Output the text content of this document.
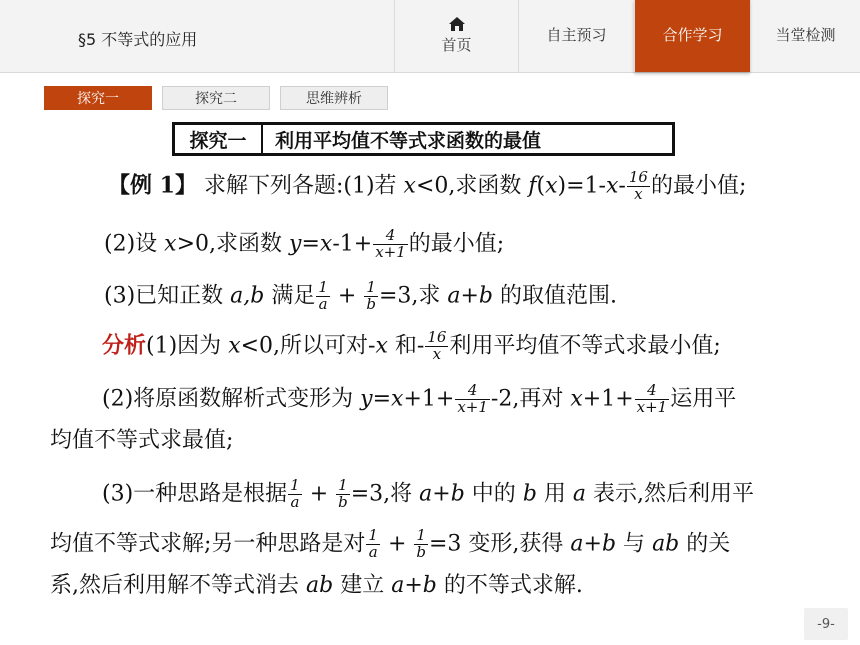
§5 不等式的应用	首页
自主预习	合作学习	当堂检测
探究一	探究二	思维辨析
探究一	利用平均值不等式求函数的最值
【例 1】 求解下列各题:(1)若 x<0,求函数 $f(x)=1-x- \frac{16}{x}$ 的最小值;
(2)设 x>0,求函数 $y=x-1+ \frac{4}{x+1}$ 的最小值;
(3)已知正数 a,b 满足 $\frac{1}{a} + \frac{1}{b} =3$,求 a+b 的取值范围.
分析(1)因为 x<0,所以可对-x 和- $\frac{16}{x}$ 利用平均值不等式求最小值;
(2)将原函数解析式变形为 $y=x+1+ \frac{4}{x+1} -2$,再对 $x+1+ \frac{4}{x+1}$ 运用平
均值不等式求最值;
(3)一种思路是根据 $\frac{1}{a} + \frac{1}{b} =3$,将 a+b 中的 b 用 a 表示,然后利用平
均值不等式求解;另一种思路是对 $\frac{1}{a} + \frac{1}{b} =3$ 变形,获得 a+b 与 ab 的关
系,然后利用解不等式消去 ab 建立 a+b 的不等式求解.
-9-
